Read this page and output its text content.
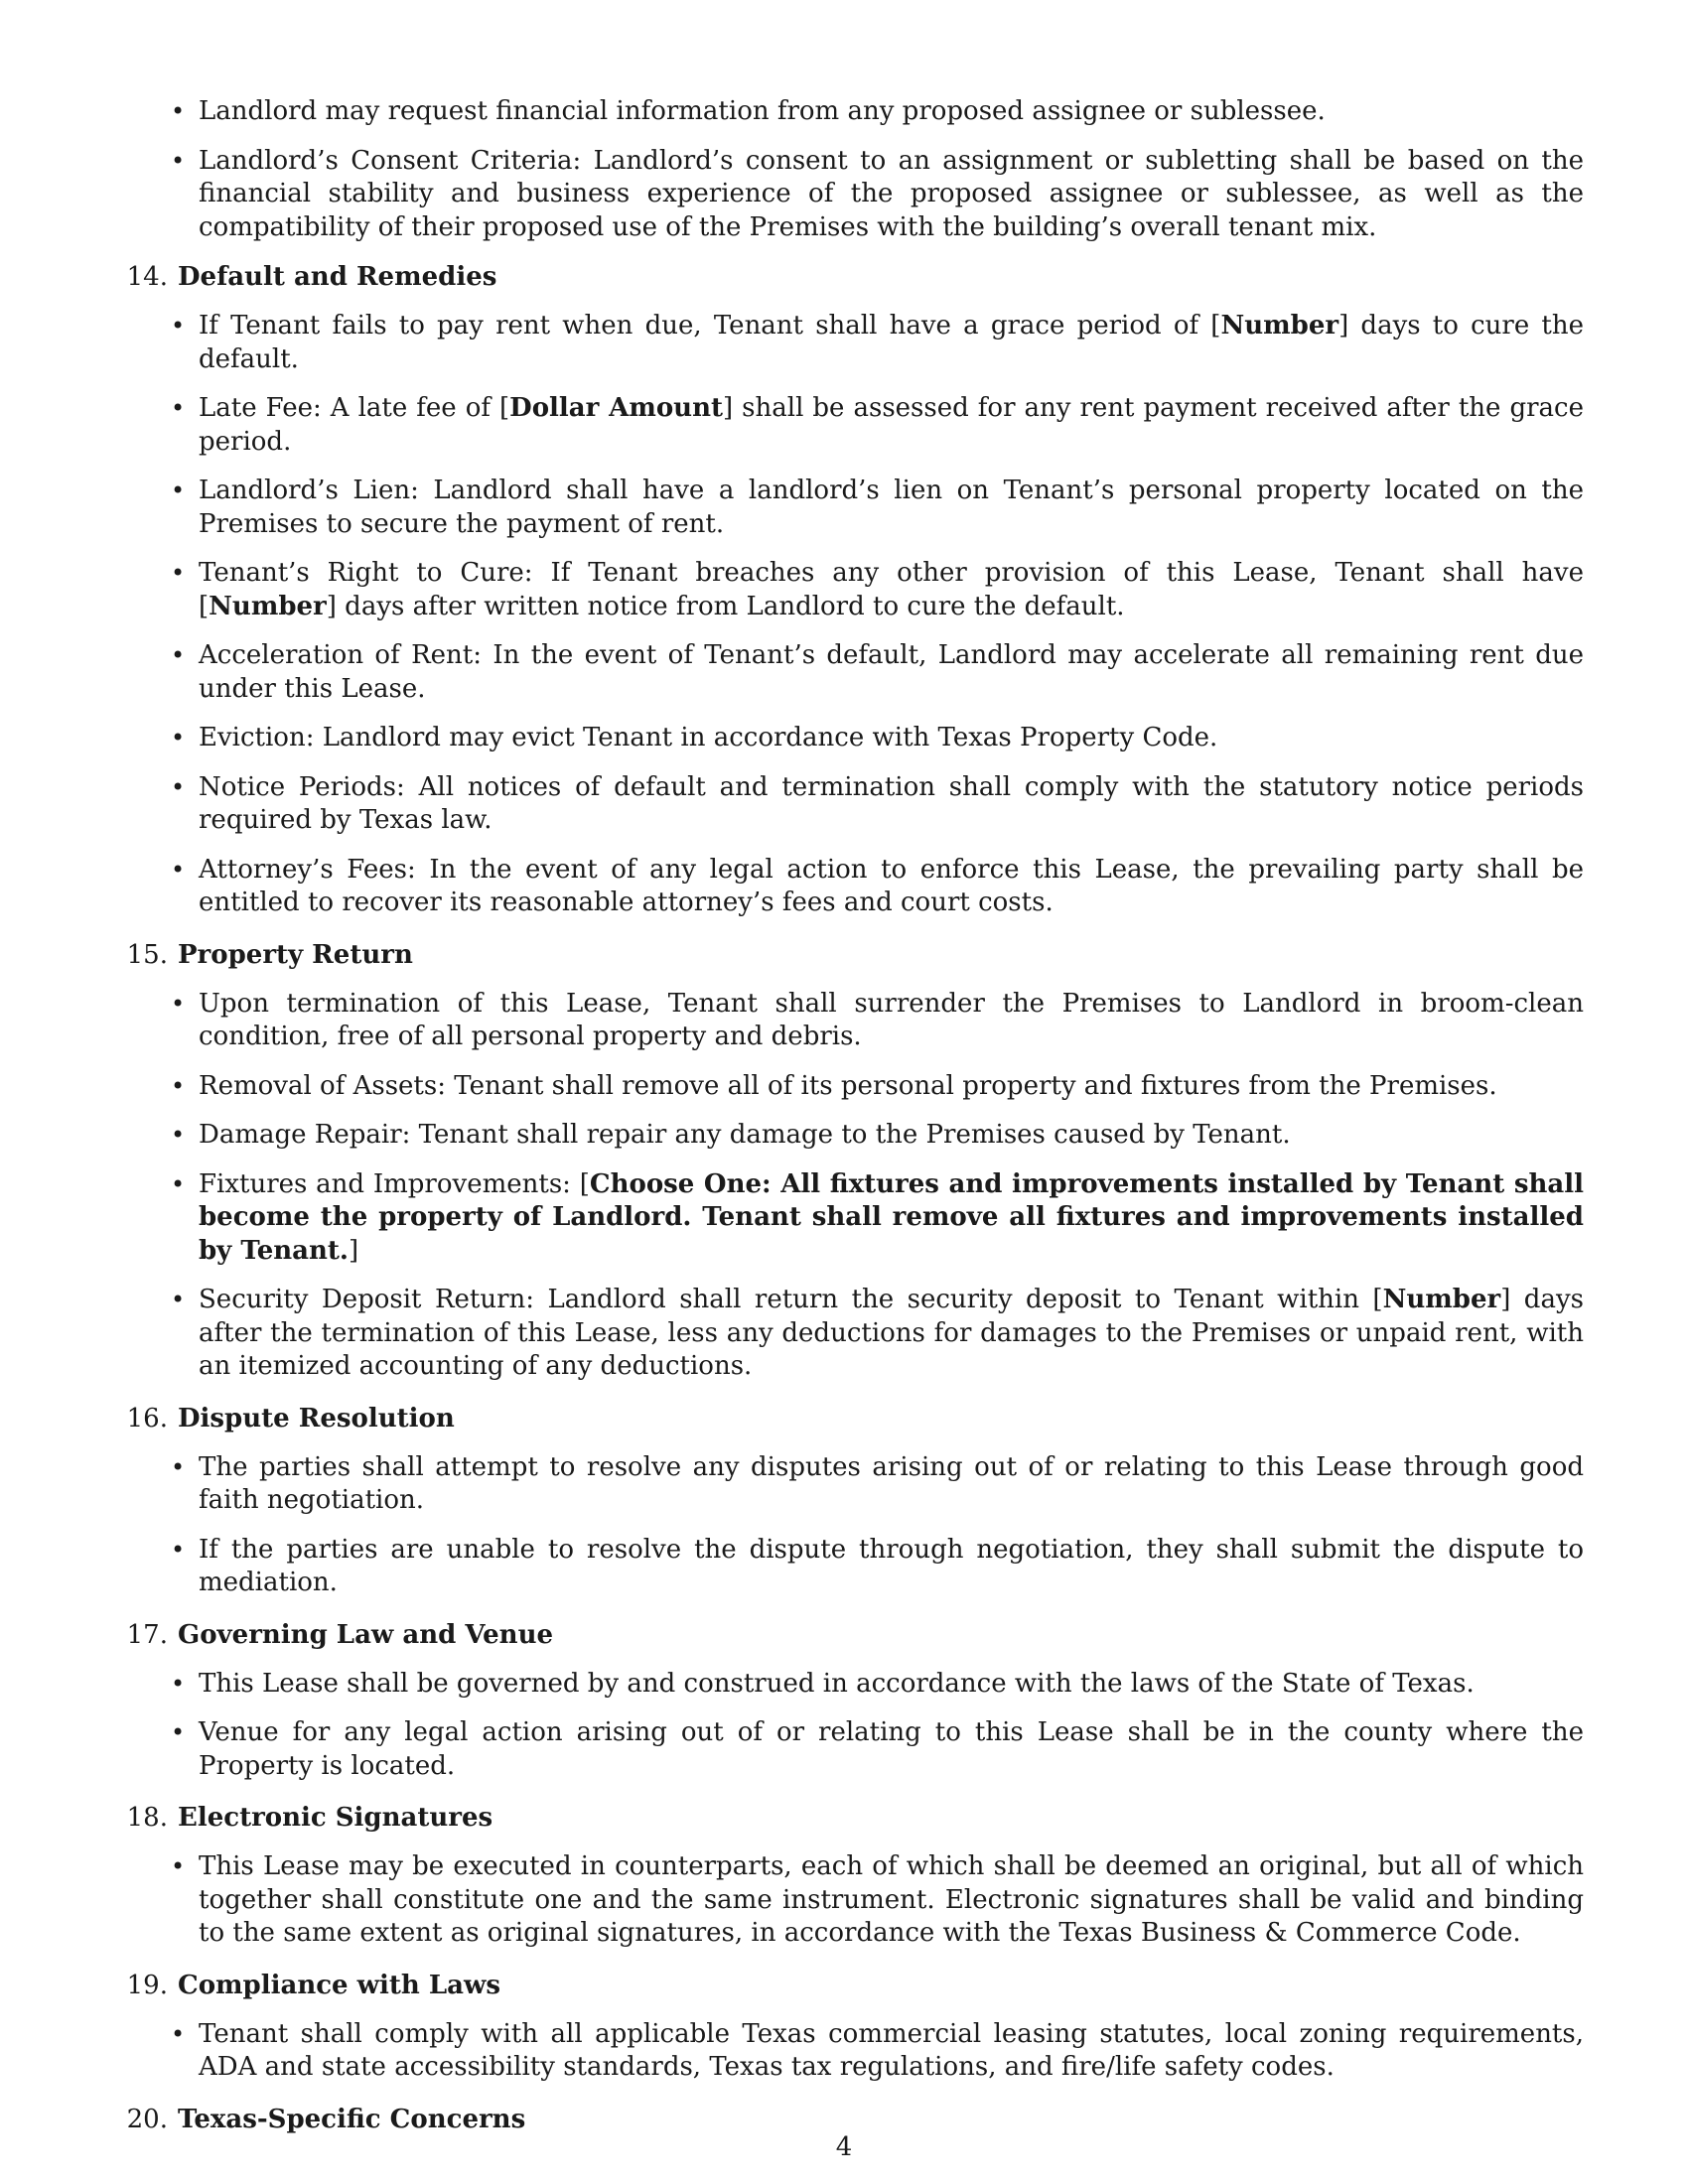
• Landlord may request financial information from any proposed assignee or sublessee.
• Landlord’s Consent Criteria: Landlord’s consent to an assignment or subletting shall be based on the financial stability and business experience of the proposed assignee or sublessee, as well as the compatibility of their proposed use of the Premises with the building’s overall tenant mix.
14. Default and Remedies
• If Tenant fails to pay rent when due, Tenant shall have a grace period of [Number] days to cure the default.
• Late Fee: A late fee of [Dollar Amount] shall be assessed for any rent payment received after the grace period.
• Landlord’s Lien: Landlord shall have a landlord’s lien on Tenant’s personal property located on the Premises to secure the payment of rent.
• Tenant’s Right to Cure: If Tenant breaches any other provision of this Lease, Tenant shall have [Number] days after written notice from Landlord to cure the default.
• Acceleration of Rent: In the event of Tenant’s default, Landlord may accelerate all remaining rent due under this Lease.
• Eviction: Landlord may evict Tenant in accordance with Texas Property Code.
• Notice Periods: All notices of default and termination shall comply with the statutory notice periods required by Texas law.
• Attorney’s Fees: In the event of any legal action to enforce this Lease, the prevailing party shall be entitled to recover its reasonable attorney’s fees and court costs.
15. Property Return
• Upon termination of this Lease, Tenant shall surrender the Premises to Landlord in broom-clean condition, free of all personal property and debris.
• Removal of Assets: Tenant shall remove all of its personal property and fixtures from the Premises.
• Damage Repair: Tenant shall repair any damage to the Premises caused by Tenant.
• Fixtures and Improvements: [Choose One: All fixtures and improvements installed by Tenant shall become the property of Landlord. Tenant shall remove all fixtures and improvements installed by Tenant.]
• Security Deposit Return: Landlord shall return the security deposit to Tenant within [Number] days after the termination of this Lease, less any deductions for damages to the Premises or unpaid rent, with an itemized accounting of any deductions.
16. Dispute Resolution
• The parties shall attempt to resolve any disputes arising out of or relating to this Lease through good faith negotiation.
• If the parties are unable to resolve the dispute through negotiation, they shall submit the dispute to mediation.
17. Governing Law and Venue
• This Lease shall be governed by and construed in accordance with the laws of the State of Texas.
• Venue for any legal action arising out of or relating to this Lease shall be in the county where the Property is located.
18. Electronic Signatures
• This Lease may be executed in counterparts, each of which shall be deemed an original, but all of which together shall constitute one and the same instrument. Electronic signatures shall be valid and binding to the same extent as original signatures, in accordance with the Texas Business & Commerce Code.
19. Compliance with Laws
• Tenant shall comply with all applicable Texas commercial leasing statutes, local zoning requirements, ADA and state accessibility standards, Texas tax regulations, and fire/life safety codes.
20. Texas-Specific Concerns
4
